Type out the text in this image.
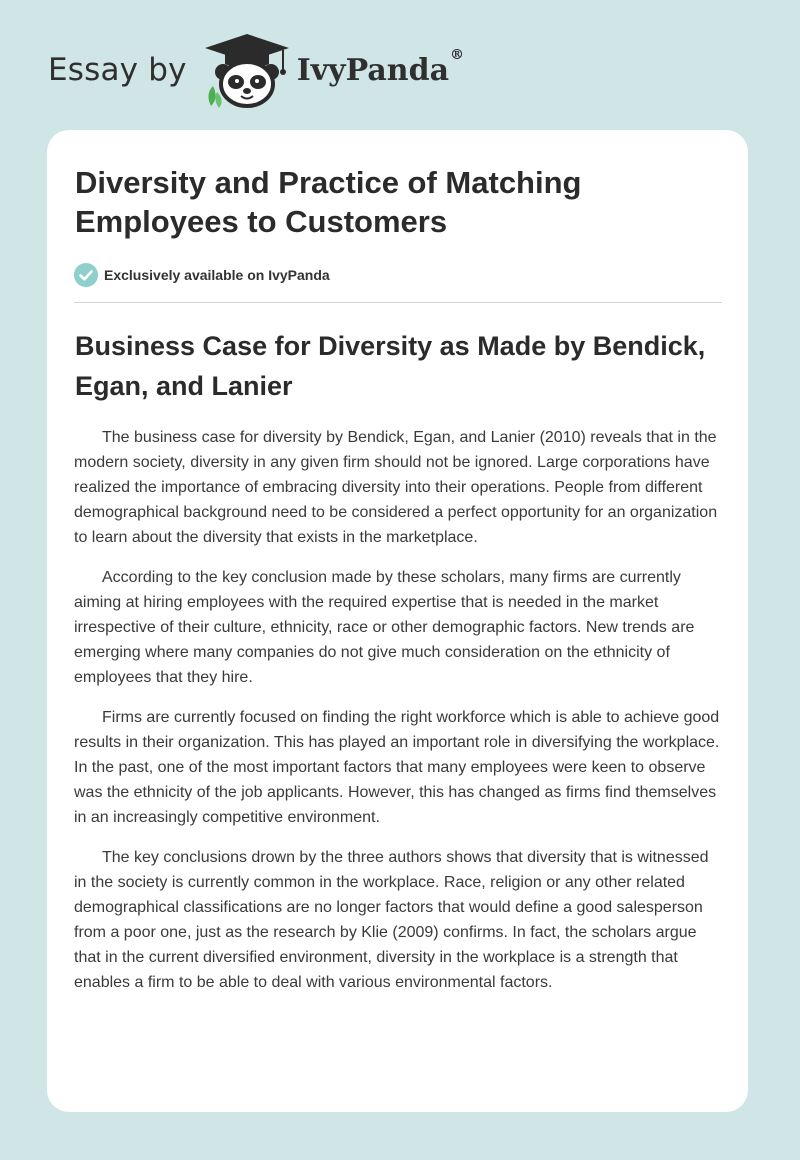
Essay by	IvyPanda®
Diversity and Practice of Matching Employees to Customers
Exclusively available on IvyPanda
Business Case for Diversity as Made by Bendick, Egan, and Lanier

The business case for diversity by Bendick, Egan, and Lanier (2010) reveals that in the modern society, diversity in any given firm should not be ignored. Large corporations have realized the importance of embracing diversity into their operations. People from different demographical background need to be considered a perfect opportunity for an organization to learn about the diversity that exists in the marketplace.

According to the key conclusion made by these scholars, many firms are currently aiming at hiring employees with the required expertise that is needed in the market irrespective of their culture, ethnicity, race or other demographic factors. New trends are emerging where many companies do not give much consideration on the ethnicity of employees that they hire.

Firms are currently focused on finding the right workforce which is able to achieve good results in their organization. This has played an important role in diversifying the workplace. In the past, one of the most important factors that many employees were keen to observe was the ethnicity of the job applicants. However, this has changed as firms find themselves in an increasingly competitive environment.

The key conclusions drown by the three authors shows that diversity that is witnessed in the society is currently common in the workplace. Race, religion or any other related demographical classifications are no longer factors that would define a good salesperson from a poor one, just as the research by Klie (2009) confirms. In fact, the scholars argue that in the current diversified environment, diversity in the workplace is a strength that enables a firm to be able to deal with various environmental factors.
